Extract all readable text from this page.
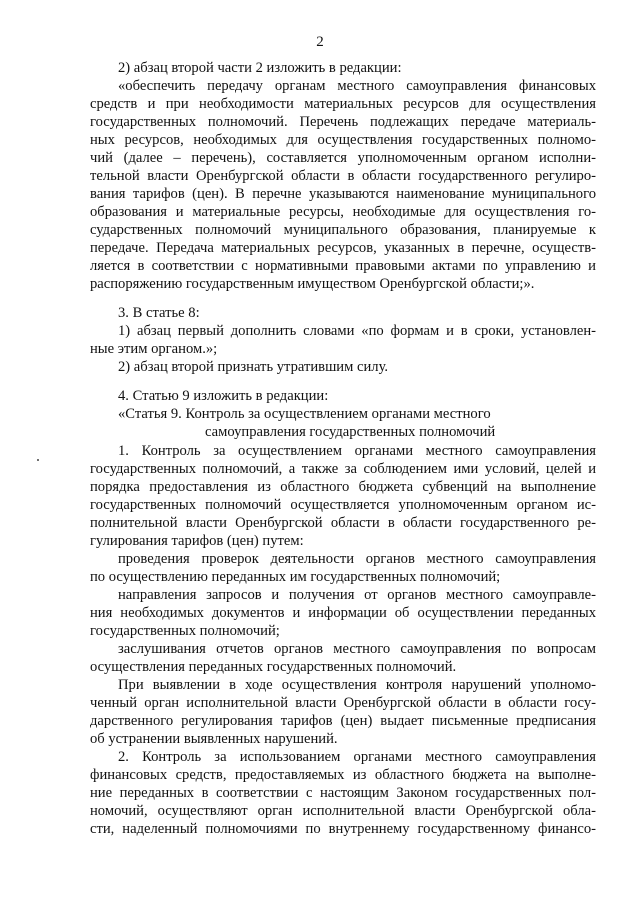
2
2) абзац второй части 2 изложить в редакции:
«обеспечить передачу органам местного самоуправления финансовых
средств и при необходимости материальных ресурсов для осуществления
государственных полномочий. Перечень подлежащих передаче материаль-
ных ресурсов, необходимых для осуществления государственных полномо-
чий (далее – перечень), составляется уполномоченным органом исполни-
тельной власти Оренбургской области в области государственного регулиро-
вания тарифов (цен). В перечне указываются наименование муниципального
образования и материальные ресурсы, необходимые для осуществления го-
сударственных полномочий муниципального образования, планируемые к
передаче. Передача материальных ресурсов, указанных в перечне, осуществ-
ляется в соответствии с нормативными правовыми актами по управлению и
распоряжению государственным имуществом Оренбургской области;».
3. В статье 8:
1) абзац первый дополнить словами «по формам и в сроки, установлен-
ные этим органом.»;
2) абзац второй признать утратившим силу.
4. Статью 9 изложить в редакции:
«Статья 9. Контроль за осуществлением органами местного
самоуправления государственных полномочий
1. Контроль за осуществлением органами местного самоуправления
государственных полномочий, а также за соблюдением ими условий, целей и
порядка предоставления из областного бюджета субвенций на выполнение
государственных полномочий осуществляется уполномоченным органом ис-
полнительной власти Оренбургской области в области государственного ре-
гулирования тарифов (цен) путем:
проведения проверок деятельности органов местного самоуправления
по осуществлению переданных им государственных полномочий;
направления запросов и получения от органов местного самоуправле-
ния необходимых документов и информации об осуществлении переданных
государственных полномочий;
заслушивания отчетов органов местного самоуправления по вопросам
осуществления переданных государственных полномочий.
При выявлении в ходе осуществления контроля нарушений уполномо-
ченный орган исполнительной власти Оренбургской области в области госу-
дарственного регулирования тарифов (цен) выдает письменные предписания
об устранении выявленных нарушений.
2. Контроль за использованием органами местного самоуправления
финансовых средств, предоставляемых из областного бюджета на выполне-
ние переданных в соответствии с настоящим Законом государственных пол-
номочий, осуществляют орган исполнительной власти Оренбургской обла-
сти, наделенный полномочиями по внутреннему государственному финансо-
